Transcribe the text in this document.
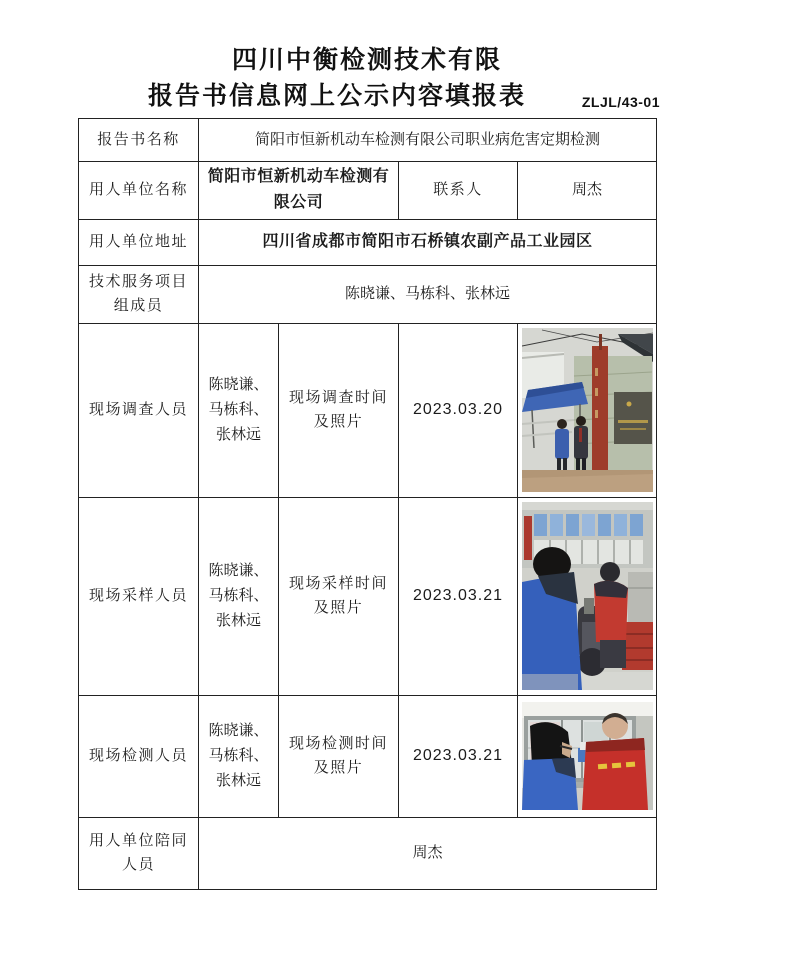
四川中衡检测技术有限
报告书信息网上公示内容填报表	ZLJL/43-01
报告书名称	简阳市恒新机动车检测有限公司职业病危害定期检测			
用人单位名称	简阳市恒新机动车检测有限公司		联系人	周杰
用人单位地址	四川省成都市简阳市石桥镇农副产品工业园区			
技术服务项目组成员	陈晓谦、马栋科、张林远			
现场调查人员	陈晓谦、马栋科、张林远	现场调查时间及照片	2023.03.20	

现场采样人员	陈晓谦、马栋科、张林远	现场采样时间及照片	2023.03.21	

现场检测人员	陈晓谦、马栋科、张林远	现场检测时间及照片	2023.03.21	

用人单位陪同人员	周杰			
